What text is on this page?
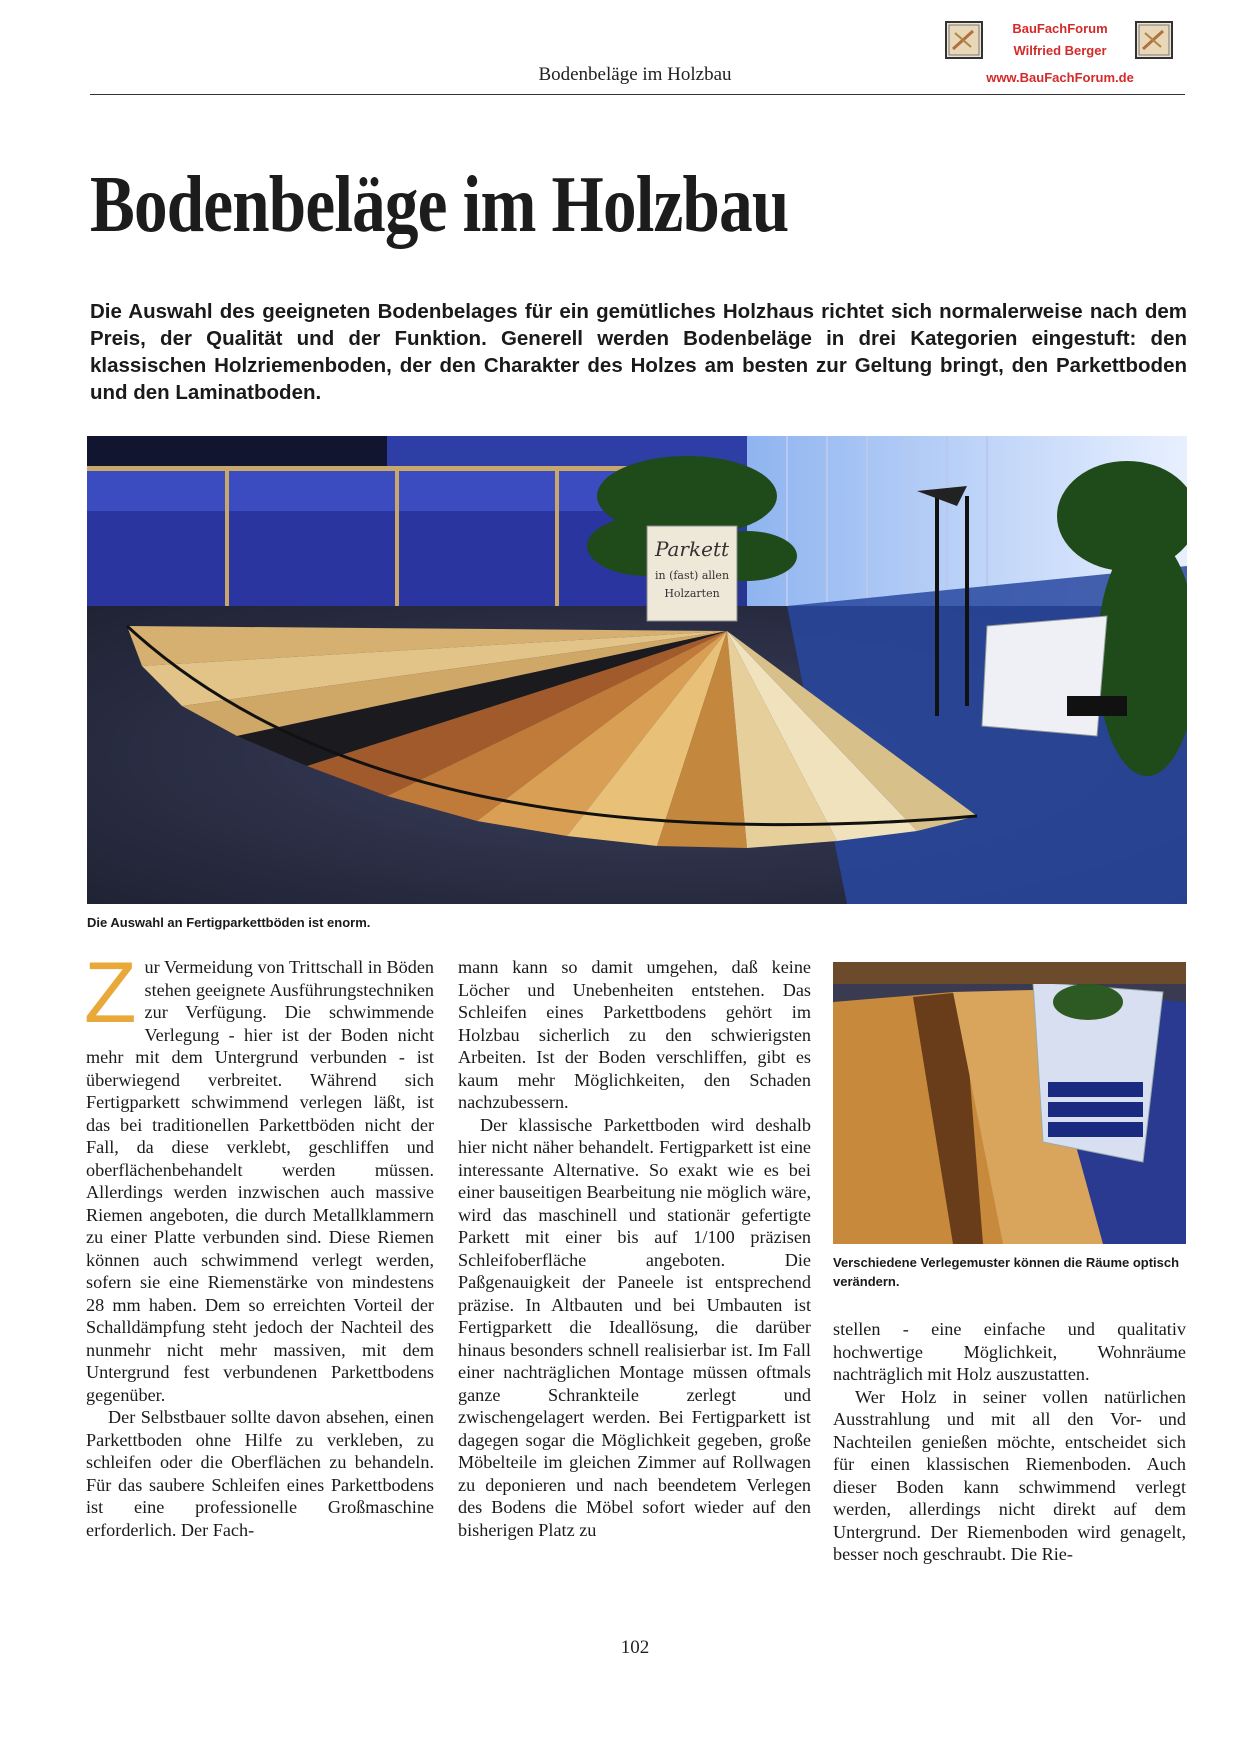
Bodenbeläge im Holzbau
BauFachForum
Wilfried Berger
www.BauFachForum.de
Bodenbeläge im Holzbau

Die Auswahl des geeigneten Bodenbelages für ein gemütliches Holzhaus richtet sich normalerweise nach dem Preis, der Qualität und der Funktion. Generell werden Bodenbeläge in drei Kategorien eingestuft: den klassischen Holzriemenboden, der den Charakter des Holzes am besten zur Geltung bringt, den Parkettboden und den Laminatboden.

Parkett
in (fast) allen
Holzarten
Die Auswahl an Fertigparkettböden ist enorm.

Verschiedene Verlegemuster können die Räume optisch verändern.

Zur Vermeidung von Trittschall in Böden stehen geeignete Ausführungstechniken zur Verfügung. Die schwimmende Verlegung - hier ist der Boden nicht mehr mit dem Untergrund verbunden - ist überwiegend verbreitet. Während sich Fertigparkett schwimmend verlegen läßt, ist das bei traditionellen Parkettböden nicht der Fall, da diese verklebt, geschliffen und oberflächenbehandelt werden müssen. Allerdings werden inzwischen auch massive Riemen angeboten, die durch Metallklammern zu einer Platte verbunden sind. Diese Riemen können auch schwimmend verlegt werden, sofern sie eine Riemenstärke von mindestens 28 mm haben. Dem so erreichten Vorteil der Schalldämpfung steht jedoch der Nachteil des nunmehr nicht mehr massiven, mit dem Untergrund fest verbundenen Parkettbodens gegenüber.

Der Selbstbauer sollte davon absehen, einen Parkettboden ohne Hilfe zu verkleben, zu schleifen oder die Oberflächen zu behandeln. Für das saubere Schleifen eines Parkettbodens ist eine professionelle Großmaschine erforderlich. Der Fach-

mann kann so damit umgehen, daß keine Löcher und Unebenheiten entstehen. Das Schleifen eines Parkettbodens gehört im Holzbau sicherlich zu den schwierigsten Arbeiten. Ist der Boden verschliffen, gibt es kaum mehr Möglichkeiten, den Schaden nachzubessern.

Der klassische Parkettboden wird deshalb hier nicht näher behandelt. Fertigparkett ist eine interessante Alternative. So exakt wie es bei einer bauseitigen Bearbeitung nie möglich wäre, wird das maschinell und stationär gefertigte Parkett mit einer bis auf 1/100 präzisen Schleifoberfläche angeboten. Die Paßgenauigkeit der Paneele ist entsprechend präzise. In Altbauten und bei Umbauten ist Fertigparkett die Ideallösung, die darüber hinaus besonders schnell realisierbar ist. Im Fall einer nachträglichen Montage müssen oftmals ganze Schrankteile zerlegt und zwischengelagert werden. Bei Fertigparkett ist dagegen sogar die Möglichkeit gegeben, große Möbelteile im gleichen Zimmer auf Rollwagen zu deponieren und nach beendetem Verlegen des Bodens die Möbel sofort wieder auf den bisherigen Platz zu

stellen - eine einfache und qualitativ hochwertige Möglichkeit, Wohnräume nachträglich mit Holz auszustatten.

Wer Holz in seiner vollen natürlichen Ausstrahlung und mit all den Vor- und Nachteilen genießen möchte, entscheidet sich für einen klassischen Riemenboden. Auch dieser Boden kann schwimmend verlegt werden, allerdings nicht direkt auf dem Untergrund. Der Riemenboden wird genagelt, besser noch geschraubt. Die Rie-

102
